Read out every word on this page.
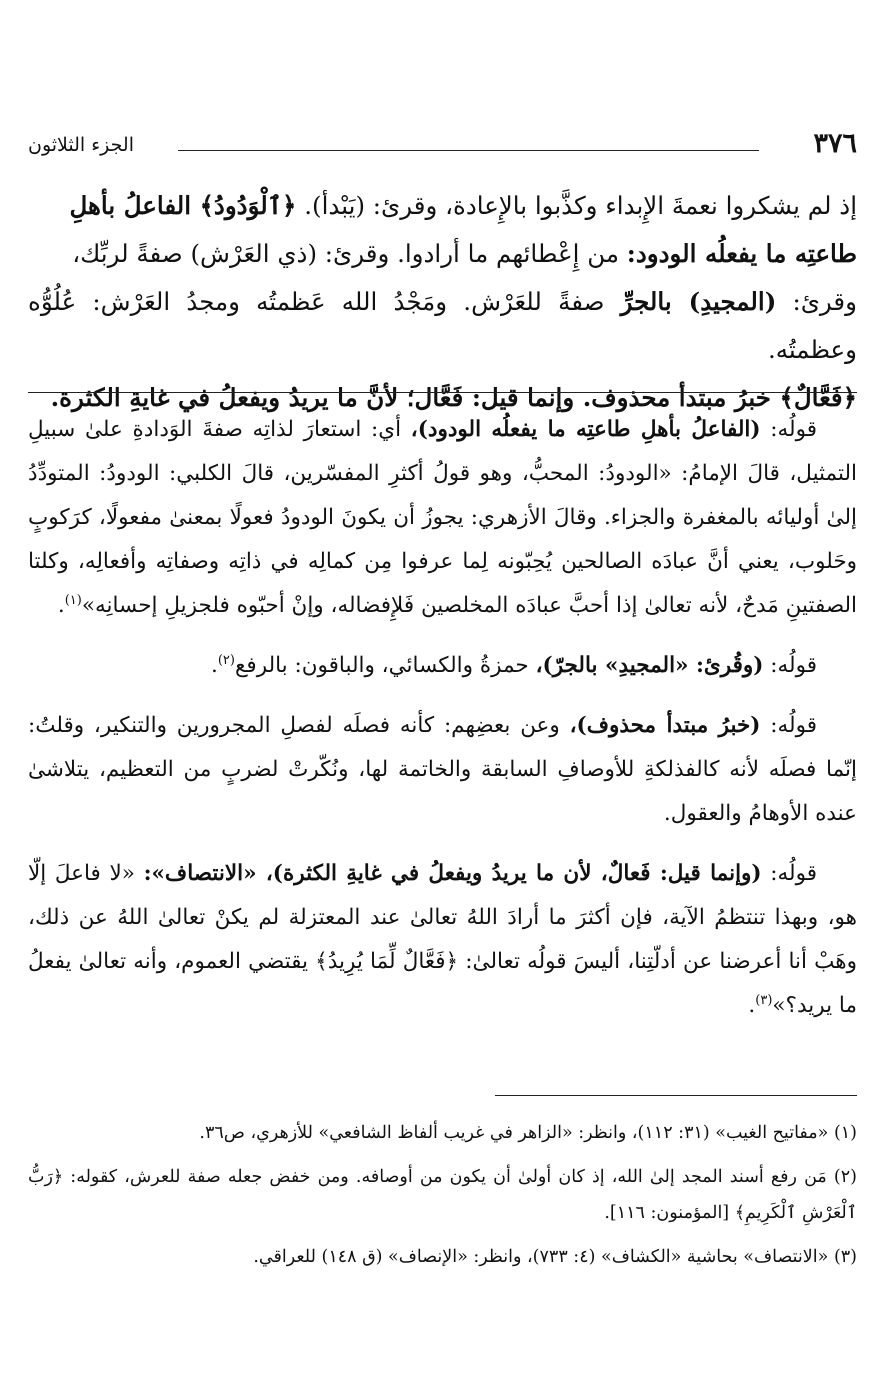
٣٧٦
الجزء الثلاثون

إذ لم يشكروا نعمةَ الإِبداء وكذَّبوا بالإِعادة، وقرئ: (يَبْدأ). ﴿ٱلْوَدُودُ﴾ الفاعلُ بأهلِ

طاعتِه ما يفعلُه الودود: من إِعْطائهم ما أرادوا. وقرئ: (ذي العَرْش) صفةً لربِّك،

وقرئ: (المجيدِ) بالجرِّ صفةً للعَرْش. ومَجْدُ الله عَظمتُه ومجدُ العَرْش: عُلُوُّه وعظمتُه.

﴿فَعَّالٌ﴾ خبرُ مبتدأ محذوف. وإنما قيل: فَعَّال؛ لأنَّ ما يريدُ ويفعلُ في غايةِ الكثرة.

قولُه: (الفاعلُ بأهلِ طاعتِه ما يفعلُه الودود)، أي: استعارَ لذاتِه صفةَ الوَدادةِ علىٰ سبيلِ التمثيل، قالَ الإمامُ: «الودودُ: المحبُّ، وهو قولُ أكثرِ المفسّرين، قالَ الكلبي: الودودُ: المتودِّدُ إلىٰ أوليائه بالمغفرة والجزاء. وقالَ الأزهري: يجوزُ أن يكونَ الودودُ فعولًا بمعنىٰ مفعولًا، كرَكوبٍ وحَلوب، يعني أنَّ عبادَه الصالحين يُحِبّونه لِما عرفوا مِن كمالِه في ذاتِه وصفاتِه وأفعالِه، وكلتا الصفتينِ مَدحٌ، لأنه تعالىٰ إذا أحبَّ عبادَه المخلصين فَلإِفضاله، وإنْ أحبّوه فلجزيلِ إحسانِه»$^{(١)}$.

قولُه: (وقُرئ: «المجيدِ» بالجرّ)، حمزةُ والكسائي، والباقون: بالرفع$^{(٢)}$.

قولُه: (خبرُ مبتدأ محذوف)، وعن بعضِهم: كأنه فصلَه لفصلِ المجرورين والتنكير، وقلتُ: إنّما فصلَه لأنه كالفذلكةِ للأوصافِ السابقة والخاتمة لها، ونُكّرتْ لضربٍ من التعظيم، يتلاشىٰ عنده الأوهامُ والعقول.

قولُه: (وإنما قيل: فَعالٌ، لأن ما يريدُ ويفعلُ في غايةِ الكثرة)، «الانتصاف»: «لا فاعلَ إلّا هو، وبهذا تنتظمُ الآية، فإن أكثرَ ما أرادَ اللهُ تعالىٰ عند المعتزلة لم يكنْ تعالىٰ اللهُ عن ذلك، وهَبْ أنا أعرضنا عن أدلّتِنا، أليسَ قولُه تعالىٰ: ﴿فَعَّالٌ لِّمَا يُرِيدُ﴾ يقتضي العموم، وأنه تعالىٰ يفعلُ ما يريد؟»$^{(٣)}$.

(١) «مفاتيح الغيب» (٣١: ١١٢)، وانظر: «الزاهر في غريب ألفاظ الشافعي» للأزهري، ص٣٦.
(٢) مَن رفع أسند المجد إلىٰ الله، إذ كان أولىٰ أن يكون من أوصافه. ومن خفض جعله صفة للعرش، كقوله: ﴿رَبُّ ٱلْعَرْشِ ٱلْكَرِيمِ﴾ [المؤمنون: ١١٦].
(٣) «الانتصاف» بحاشية «الكشاف» (٤: ٧٣٣)، وانظر: «الإنصاف» (ق ١٤٨) للعراقي.
